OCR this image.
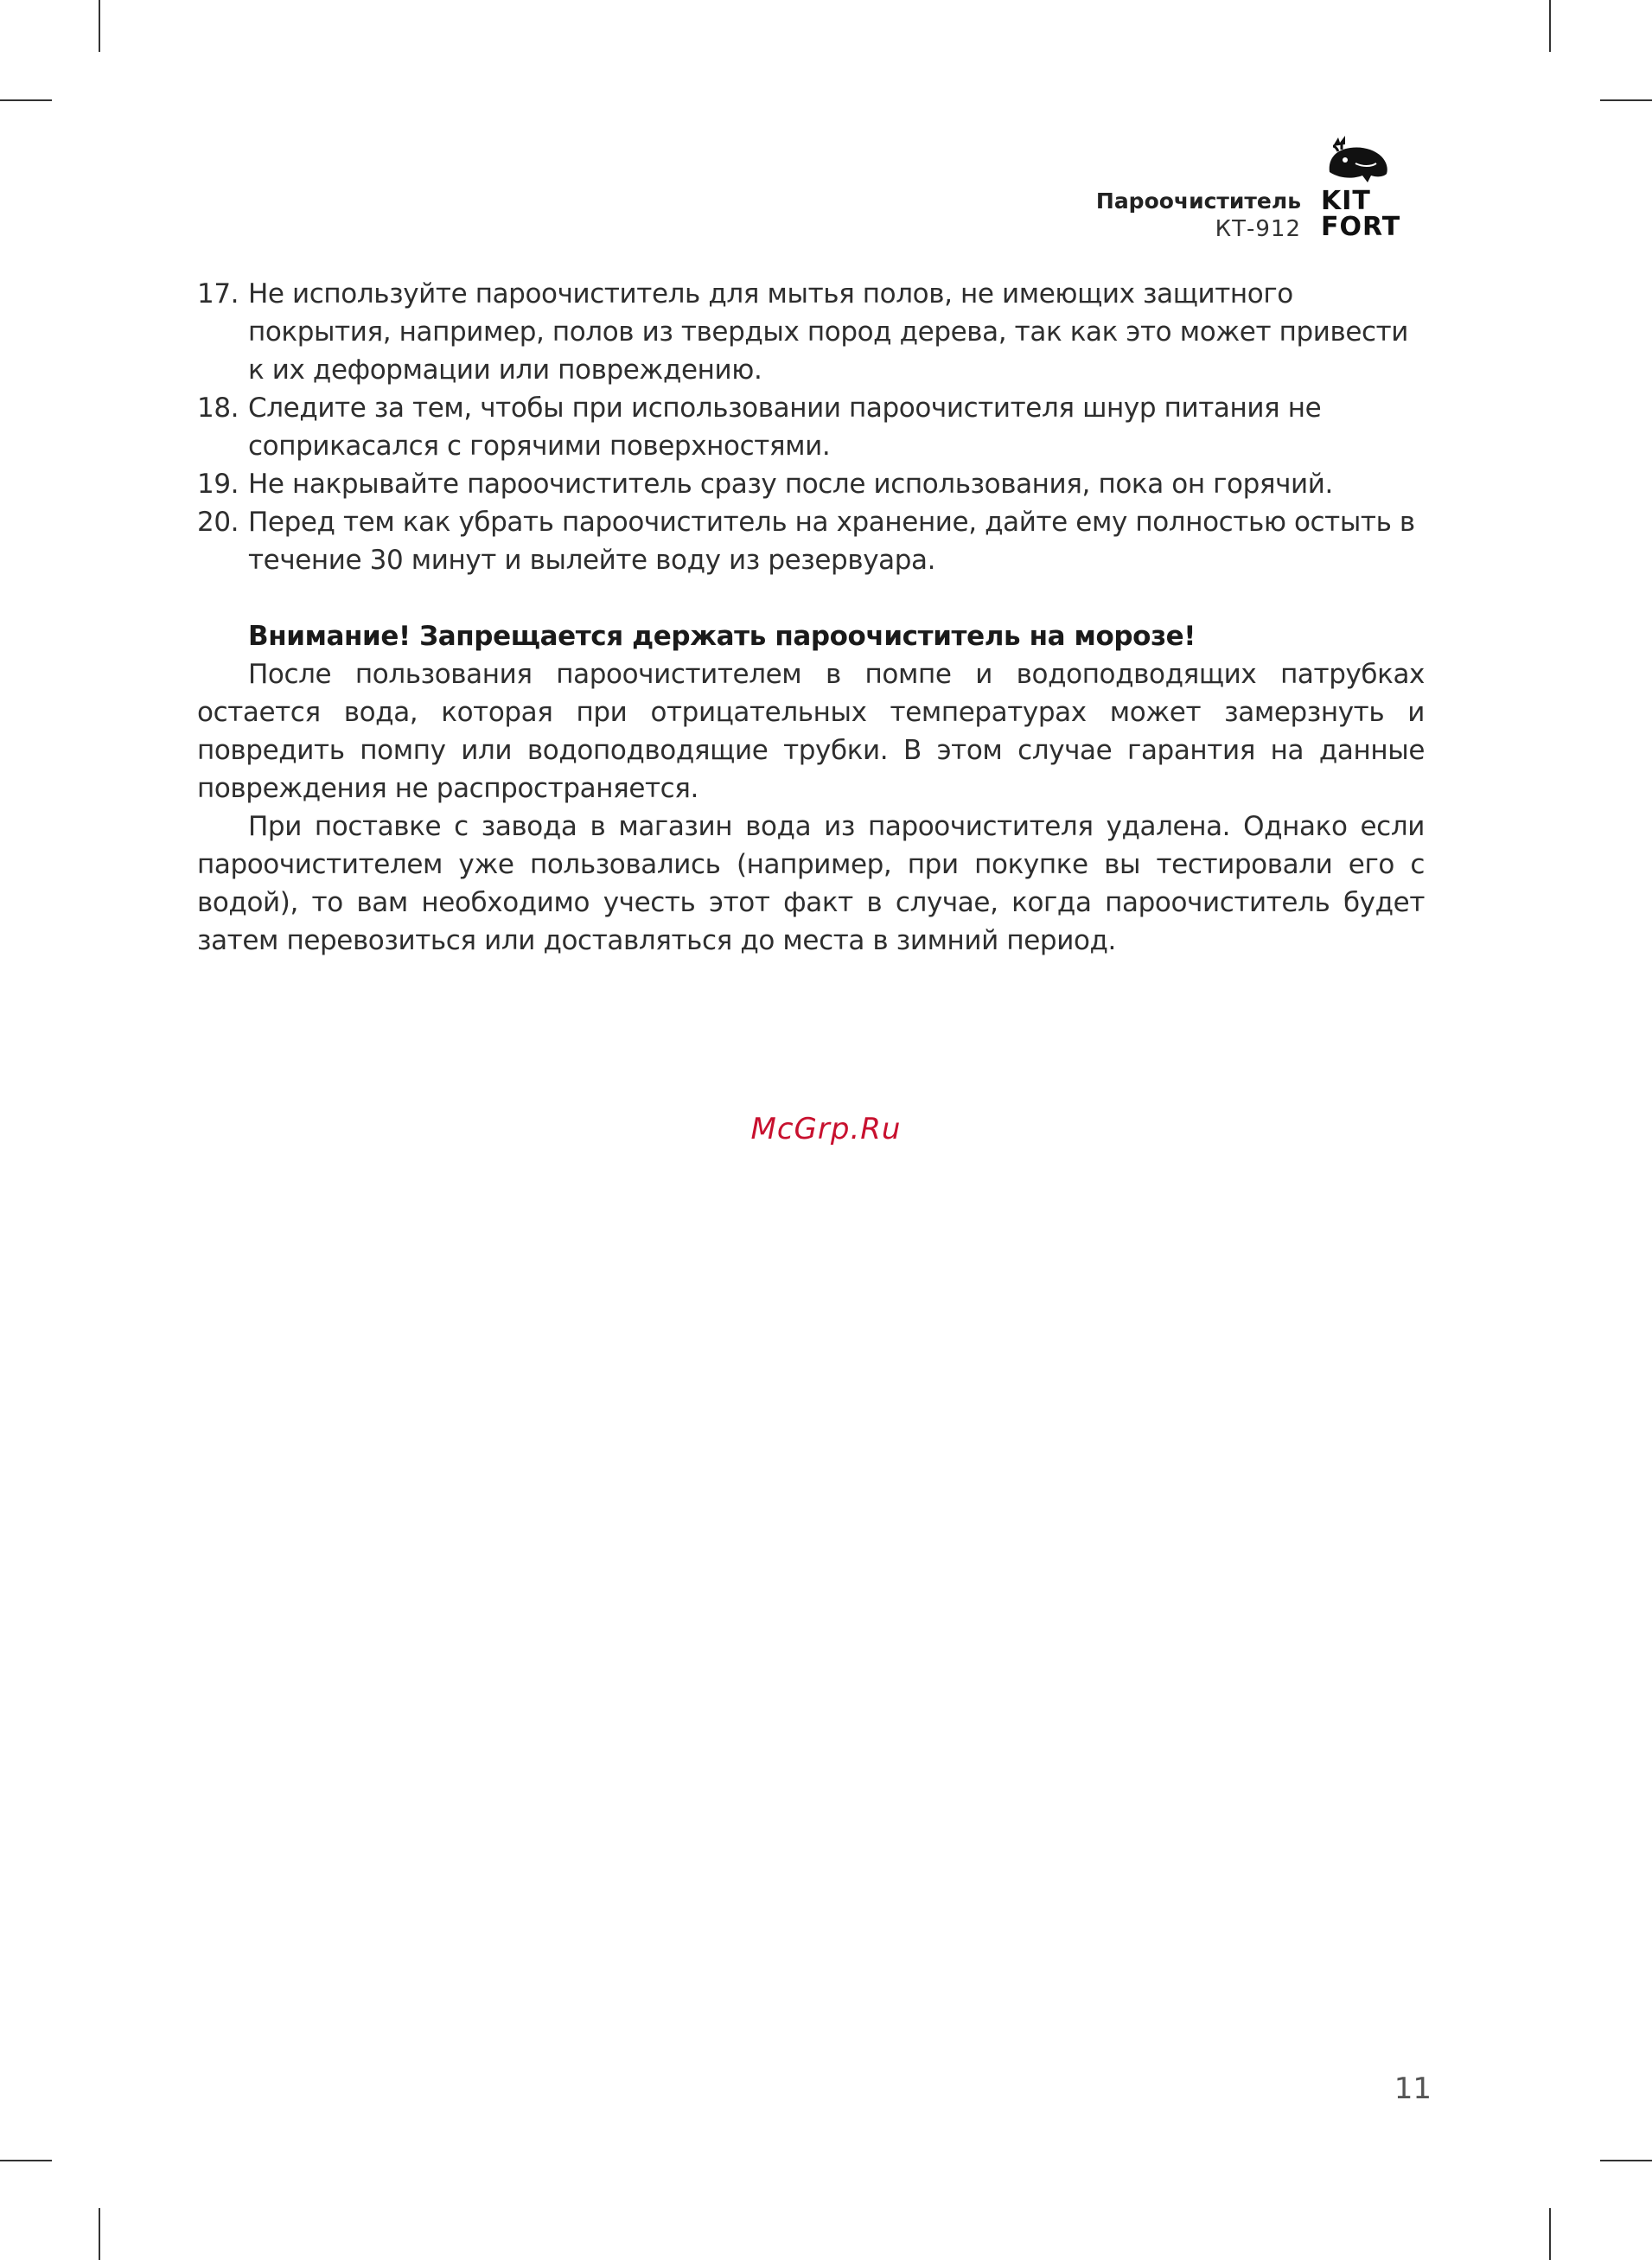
Пароочиститель
КТ-912
KIT
FORT
17. Не используйте пароочиститель для мытья полов, не имеющих защитного покрытия, например, полов из твердых пород дерева, так как это может привести к их деформации или повреждению.
18. Следите за тем, чтобы при использовании пароочистителя шнур питания не соприкасался с горячими поверхностями.
19. Не накрывайте пароочиститель сразу после использования, пока он горячий.
20. Перед тем как убрать пароочиститель на хранение, дайте ему полностью остыть в течение 30 минут и вылейте воду из резервуара.
Внимание! Запрещается держать пароочиститель на морозе!

После пользования пароочистителем в помпе и водоподводящих патрубках остается вода, которая при отрицательных температурах может замерзнуть и повредить помпу или водоподводящие трубки. В этом случае гарантия на данные повреждения не распространяется.

При поставке с завода в магазин вода из пароочистителя удалена. Однако если пароочистителем уже пользовались (например, при покупке вы тестировали его с водой), то вам необходимо учесть этот факт в случае, когда пароочиститель будет затем перевозиться или доставляться до места в зимний период.

McGrp.Ru
11
